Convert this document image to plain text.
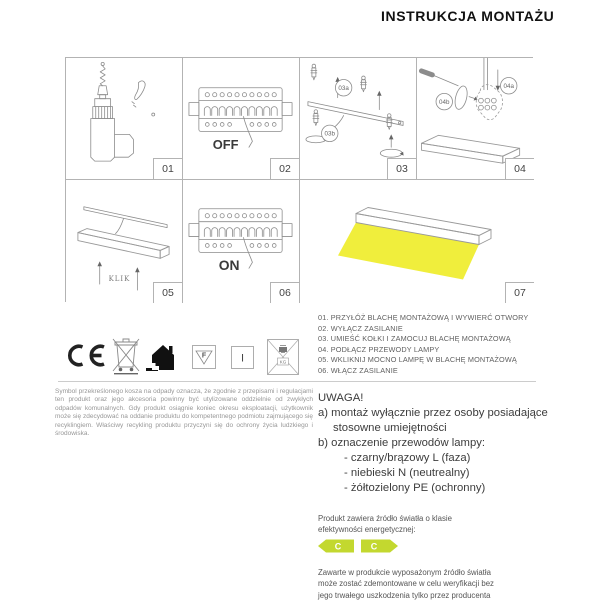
INSTRUKCJA MONTAŻU
01
OFF
02
03a
03b
03
04a
04b
04
KLIK
05
ON
06	07
F	I	KG
Symbol przekreślonego kosza na odpady oznacza, że zgodnie z przepisami i regulacjami ten produkt oraz jego akcesoria powinny być utylizowane oddzielnie od zwykłych odpadów komunalnych. Gdy produkt osiągnie koniec okresu eksploatacji, użytkownik może się zdecydować na oddanie produktu do kompetentnego podmiotu zajmującego się recyklingiem. Właściwy recykling produktu przyczyni się do ochrony życia ludzkiego i środowiska.
01. PRZYŁÓŻ BLACHĘ MONTAŻOWĄ I WYWIERĆ OTWORY
02. WYŁĄCZ ZASILANIE
03. UMIEŚĆ KOŁKI I ZAMOCUJ BLACHĘ MONTAŻOWĄ
04. PODŁĄCZ PRZEWODY LAMPY
05. WKLIKNIJ MOCNO LAMPĘ W BLACHĘ MONTAŻOWĄ
06. WŁĄCZ ZASILANIE
UWAGA!
a) montaż wyłącznie przez osoby posiadające
stosowne umiejętności
b) oznaczenie przewodów lampy:
- czarny/brązowy L (faza)
- niebieski N (neutrealny)
- żółtozielony PE (ochronny)
Produkt zawiera źródło światła o klasie
efektywności energetycznej:
C	C
Zawarte w produkcie wyposażonym źródło światła
może zostać zdemontowane w celu weryfikacji bez
jego trwałego uszkodzenia tylko przez producenta
